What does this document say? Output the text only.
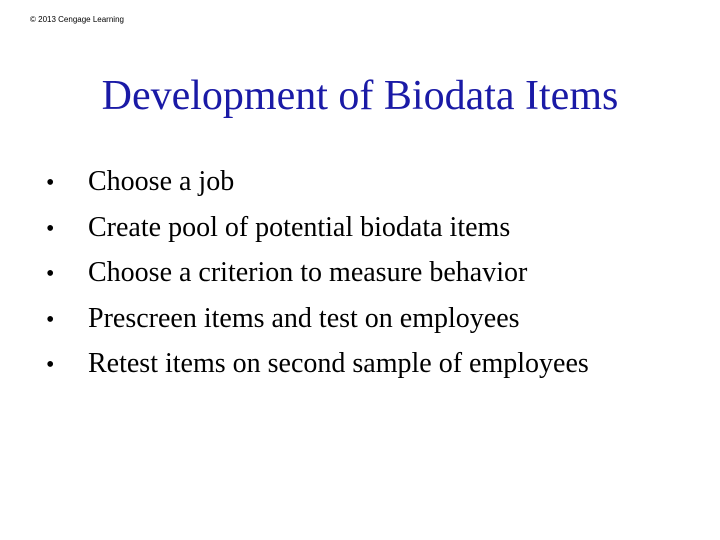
© 2013 Cengage Learning
Development of Biodata Items
•	Choose a job
•	Create pool of potential biodata items
•	Choose a criterion to measure behavior
•	Prescreen items and test on employees
•	Retest items on second sample of employees
